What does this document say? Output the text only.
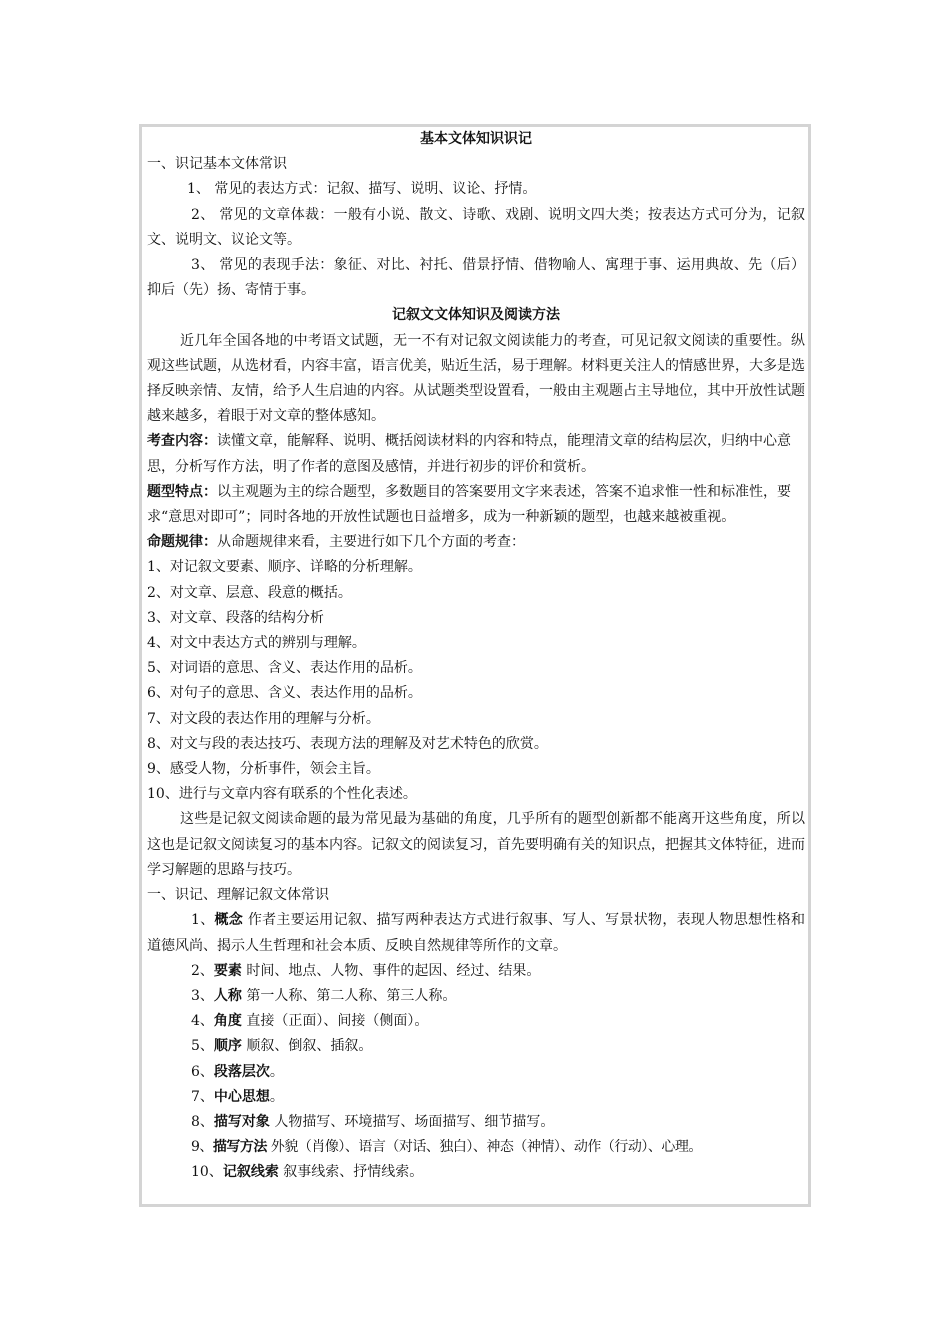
基本文体知识识记

一、识记基本文体常识

1、 常见的表达方式：记叙、描写、说明、议论、抒情。

2、 常见的文章体裁：一般有小说、散文、诗歌、戏剧、说明文四大类；按表达方式可分为，记叙文、说明文、议论文等。

3、 常见的表现手法：象征、对比、衬托、借景抒情、借物喻人、寓理于事、运用典故、先（后）抑后（先）扬、寄情于事。

记叙文文体知识及阅读方法

近几年全国各地的中考语文试题，无一不有对记叙文阅读能力的考查，可见记叙文阅读的重要性。纵观这些试题，从选材看，内容丰富，语言优美，贴近生活，易于理解。材料更关注人的情感世界，大多是选择反映亲情、友情，给予人生启迪的内容。从试题类型设置看，一般由主观题占主导地位，其中开放性试题越来越多，着眼于对文章的整体感知。

考查内容：读懂文章，能解释、说明、概括阅读材料的内容和特点，能理清文章的结构层次，归纳中心意思，分析写作方法，明了作者的意图及感情，并进行初步的评价和赏析。

题型特点：以主观题为主的综合题型，多数题目的答案要用文字来表述，答案不追求惟一性和标准性，要求“意思对即可”；同时各地的开放性试题也日益增多，成为一种新颖的题型，也越来越被重视。

命题规律：从命题规律来看，主要进行如下几个方面的考查：

1、对记叙文要素、顺序、详略的分析理解。

2、对文章、层意、段意的概括。

3、对文章、段落的结构分析

4、对文中表达方式的辨别与理解。

5、对词语的意思、含义、表达作用的品析。

6、对句子的意思、含义、表达作用的品析。

7、对文段的表达作用的理解与分析。

8、对文与段的表达技巧、表现方法的理解及对艺术特色的欣赏。

9、感受人物，分析事件，领会主旨。

10、进行与文章内容有联系的个性化表述。

这些是记叙文阅读命题的最为常见最为基础的角度，几乎所有的题型创新都不能离开这些角度，所以这也是记叙文阅读复习的基本内容。记叙文的阅读复习，首先要明确有关的知识点，把握其文体特征，进而学习解题的思路与技巧。

一、识记、理解记叙文体常识

1、概念 作者主要运用记叙、描写两种表达方式进行叙事、写人、写景状物，表现人物思想性格和道德风尚、揭示人生哲理和社会本质、反映自然规律等所作的文章。

2、要素 时间、地点、人物、事件的起因、经过、结果。

3、人称 第一人称、第二人称、第三人称。

4、角度 直接（正面）、间接（侧面）。

5、顺序 顺叙、倒叙、插叙。

6、段落层次。

7、中心思想。

8、描写对象 人物描写、环境描写、场面描写、细节描写。

9、描写方法 外貌（肖像）、语言（对话、独白）、神态（神情）、动作（行动）、心理。

10、记叙线索 叙事线索、抒情线索。
